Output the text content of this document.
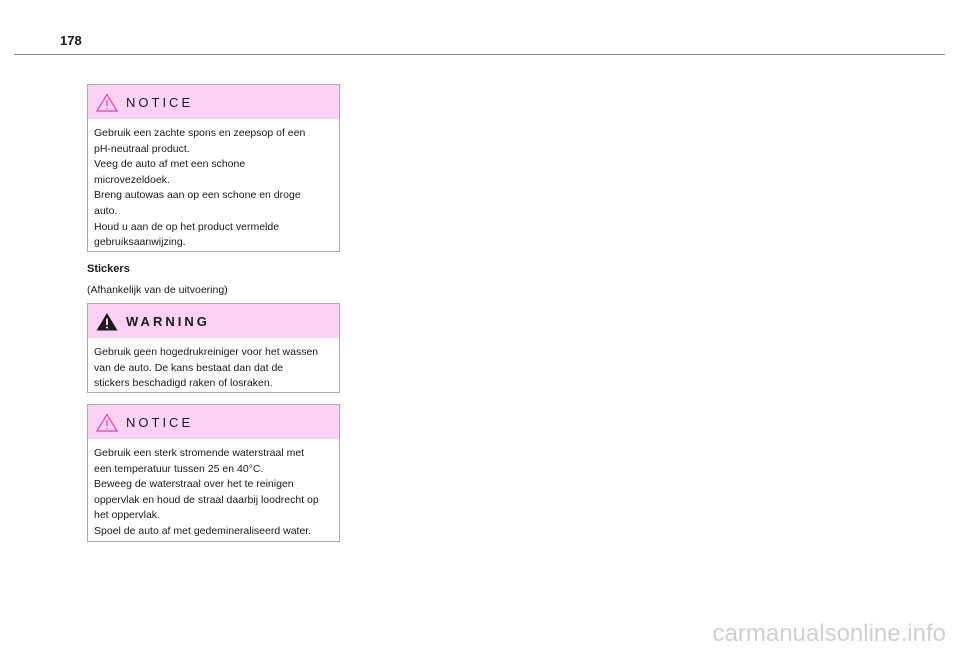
178
NOTICE

Gebruik een zachte spons en zeepsop of een

pH-neutraal product.

Veeg de auto af met een schone

microvezeldoek.

Breng autowas aan op een schone en droge

auto.

Houd u aan de op het product vermelde

gebruiksaanwijzing.

Stickers
(Afhankelijk van de uitvoering)
WARNING

Gebruik geen hogedrukreiniger voor het wassen

van de auto. De kans bestaat dan dat de

stickers beschadigd raken of losraken.

NOTICE

Gebruik een sterk stromende waterstraal met

een temperatuur tussen 25 en 40°C.

Beweeg de waterstraal over het te reinigen

oppervlak en houd de straal daarbij loodrecht op

het oppervlak.

Spoel de auto af met gedemineraliseerd water.

carmanualsonline.info
